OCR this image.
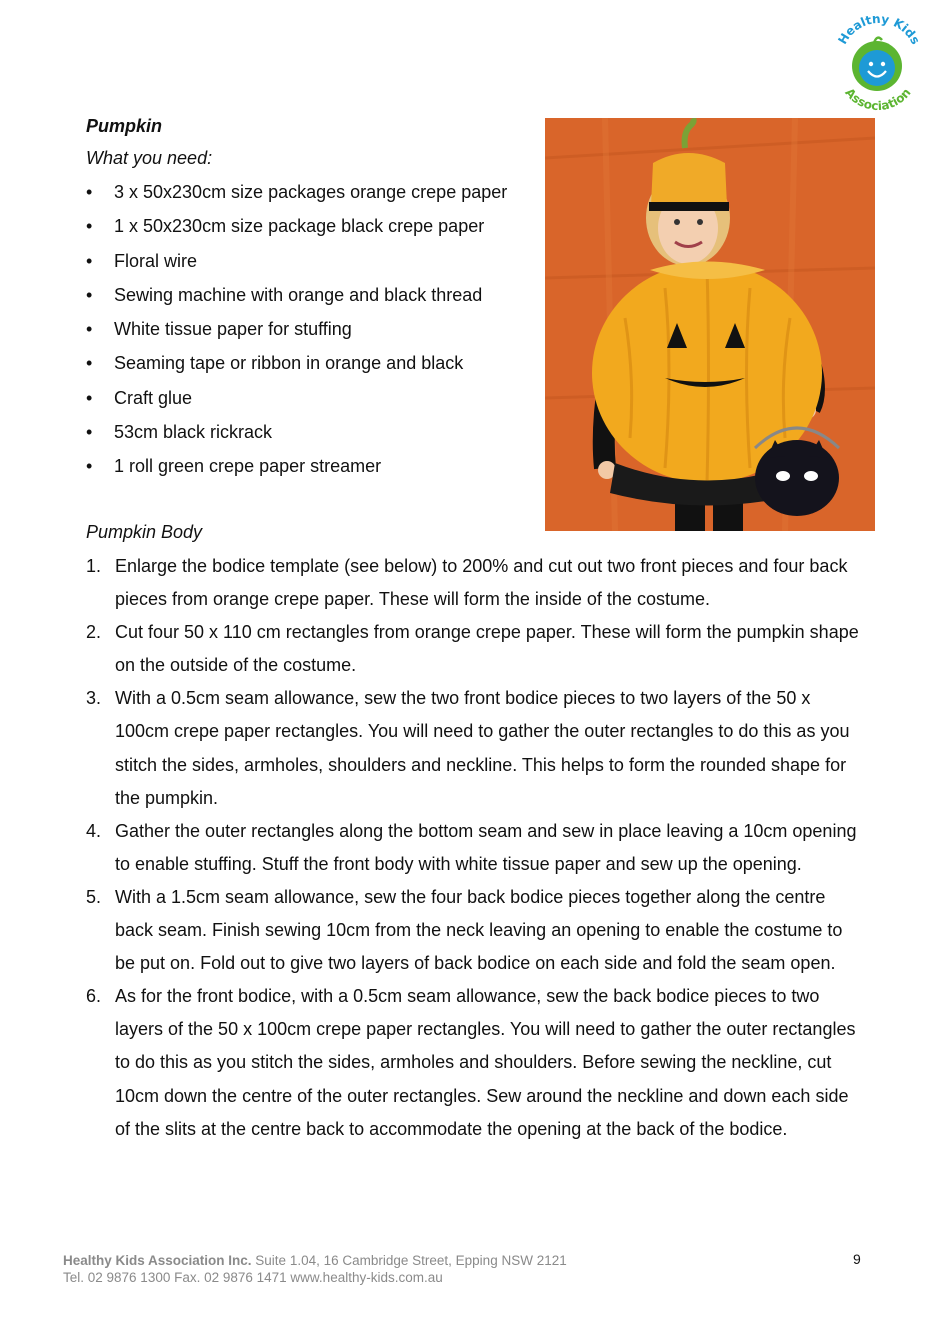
Healthy Kids
Association
Pumpkin
What you need:
•	3 x 50x230cm size packages orange crepe paper
•	1 x 50x230cm size package black crepe paper
•	Floral wire
•	Sewing machine with orange and black thread
•	White tissue paper for stuffing
•	Seaming tape or ribbon in orange and black
•	Craft glue
•	53cm black rickrack
•	1 roll green crepe paper streamer
Pumpkin Body
1. Enlarge the bodice template (see below) to 200% and cut out two front pieces and four back pieces from orange crepe paper. These will form the inside of the costume.
2. Cut four 50 x 110 cm rectangles from orange crepe paper. These will form the pumpkin shape on the outside of the costume.
3. With a 0.5cm seam allowance, sew the two front bodice pieces to two layers of the 50 x 100cm crepe paper rectangles. You will need to gather the outer rectangles to do this as you stitch the sides, armholes, shoulders and neckline. This helps to form the rounded shape for the pumpkin.
4. Gather the outer rectangles along the bottom seam and sew in place leaving a 10cm opening to enable stuffing. Stuff the front body with white tissue paper and sew up the opening.
5. With a 1.5cm seam allowance, sew the four back bodice pieces together along the centre back seam. Finish sewing 10cm from the neck leaving an opening to enable the costume to be put on. Fold out to give two layers of back bodice on each side and fold the seam open.
6. As for the front bodice, with a 0.5cm seam allowance, sew the back bodice pieces to two layers of the 50 x 100cm crepe paper rectangles. You will need to gather the outer rectangles to do this as you stitch the sides, armholes and shoulders. Before sewing the neckline, cut 10cm down the centre of the outer rectangles. Sew around the neckline and down each side of the slits at the centre back to accommodate the opening at the back of the bodice.
Healthy Kids Association Inc. Suite 1.04, 16 Cambridge Street, Epping NSW 2121
Tel. 02 9876 1300 Fax. 02 9876 1471 www.healthy-kids.com.au
9
